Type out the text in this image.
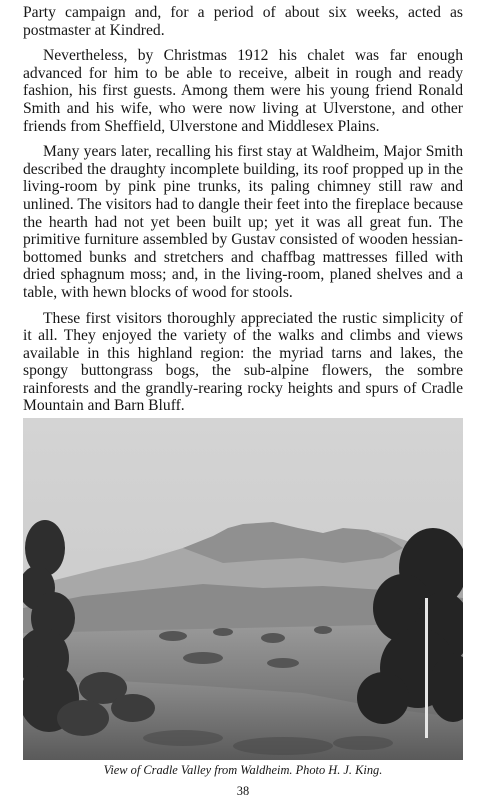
Party campaign and, for a period of about six weeks, acted as postmaster at Kindred.

Nevertheless, by Christmas 1912 his chalet was far enough advanced for him to be able to receive, albeit in rough and ready fashion, his first guests. Among them were his young friend Ronald Smith and his wife, who were now living at Ulverstone, and other friends from Sheffield, Ulverstone and Middlesex Plains.

Many years later, recalling his first stay at Waldheim, Major Smith described the draughty incomplete building, its roof propped up in the living-room by pink pine trunks, its paling chimney still raw and unlined. The visitors had to dangle their feet into the fireplace because the hearth had not yet been built up; yet it was all great fun. The primitive furniture assembled by Gustav consisted of wooden hessian-bottomed bunks and stretchers and chaffbag mattresses filled with dried sphagnum moss; and, in the living-room, planed shelves and a table, with hewn blocks of wood for stools.

These first visitors thoroughly appreciated the rustic simplicity of it all. They enjoyed the variety of the walks and climbs and views available in this highland region: the myriad tarns and lakes, the spongy buttongrass bogs, the sub-alpine flowers, the sombre rainforests and the grandly-rearing rocky heights and spurs of Cradle Mountain and Barn Bluff.

View of Cradle Valley from Waldheim. Photo H. J. King.
38
